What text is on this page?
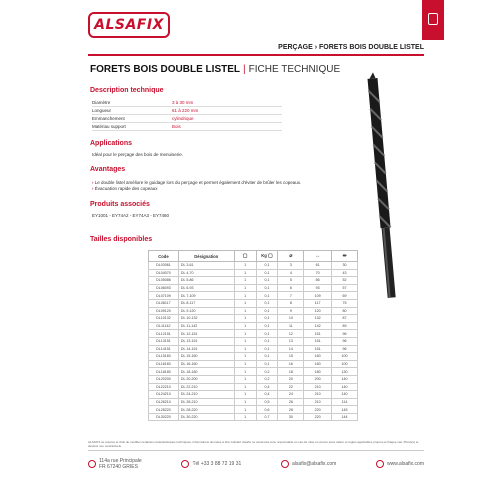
ALSAFIX
PERÇAGE › FORETS BOIS DOUBLE LISTEL
FORETS BOIS DOUBLE LISTEL | FICHE TECHNIQUE
Description technique
Diamètre	3 à 30 mm
Longueur	61 à 220 mm
Emmanchement	cylindrique
Matériau support	Bois
Applications
Idéal pour le perçage des bois de menuiserie.
Avantages
› Le double listel améliore le guidage lors du perçage et permet également d'éviter de brûler les copeaux.
› Évacuation rapide des copeaux
Produits associés
EY1001 - EY74A2 - EY74A3 - EY7460
Tailles disponibles
Code	Désignation	▢	Kg ▢	⌀	↔	⇹
DL03061	DL 3-61	1	0,1	3	61	30
DL04070	DL 4-70	1	0,1	4	70	43
DL05086	DL 5-86	1	0,1	5	86	52
DL06093	DL 6-93	1	0,1	6	93	57
DL07109	DL 7-109	1	0,1	7	109	69
DL08117	DL 8-117	1	0,1	8	117	75
DL09120	DL 9-120	1	0,1	9	120	80
DL10132	DL 10-132	1	0,1	10	132	87
DL11142	DL 11-142	1	0,1	11	142	89
DL12151	DL 12-151	1	0,1	12	151	96
DL13151	DL 13-151	1	0,1	13	151	96
DL14151	DL 14-151	1	0,1	14	151	96
DL15160	DL 15-160	1	0,1	15	160	100
DL16160	DL 16-160	1	0,1	16	160	100
DL18180	DL 18-180	1	0,2	18	180	130
DL20200	DL 20-200	1	0,2	20	200	140
DL22210	DL 22-210	1	0,4	22	210	140
DL24210	DL 24-210	1	0,4	24	210	140
DL26210	DL 26-210	1	0,5	26	210	114
DL28220	DL 28-220	1	0,6	28	220	145
DL30220	DL 30-220	1	0,7	30	220	144
ALSAFIX se réserve le droit de modifier certaines caractéristiques techniques. Informations données à titre indicatif. Alsafix ne serait être tenu responsable en cas de mise en œuvre sans valeur et règles applicables propres à chaque cas. Photo(s) et dessins non contractuels.
114a rue Principale
FR 67240 GRIES	Tél +33 3 88 72 19 31	alsafix@alsafix.com	www.alsafix.com
